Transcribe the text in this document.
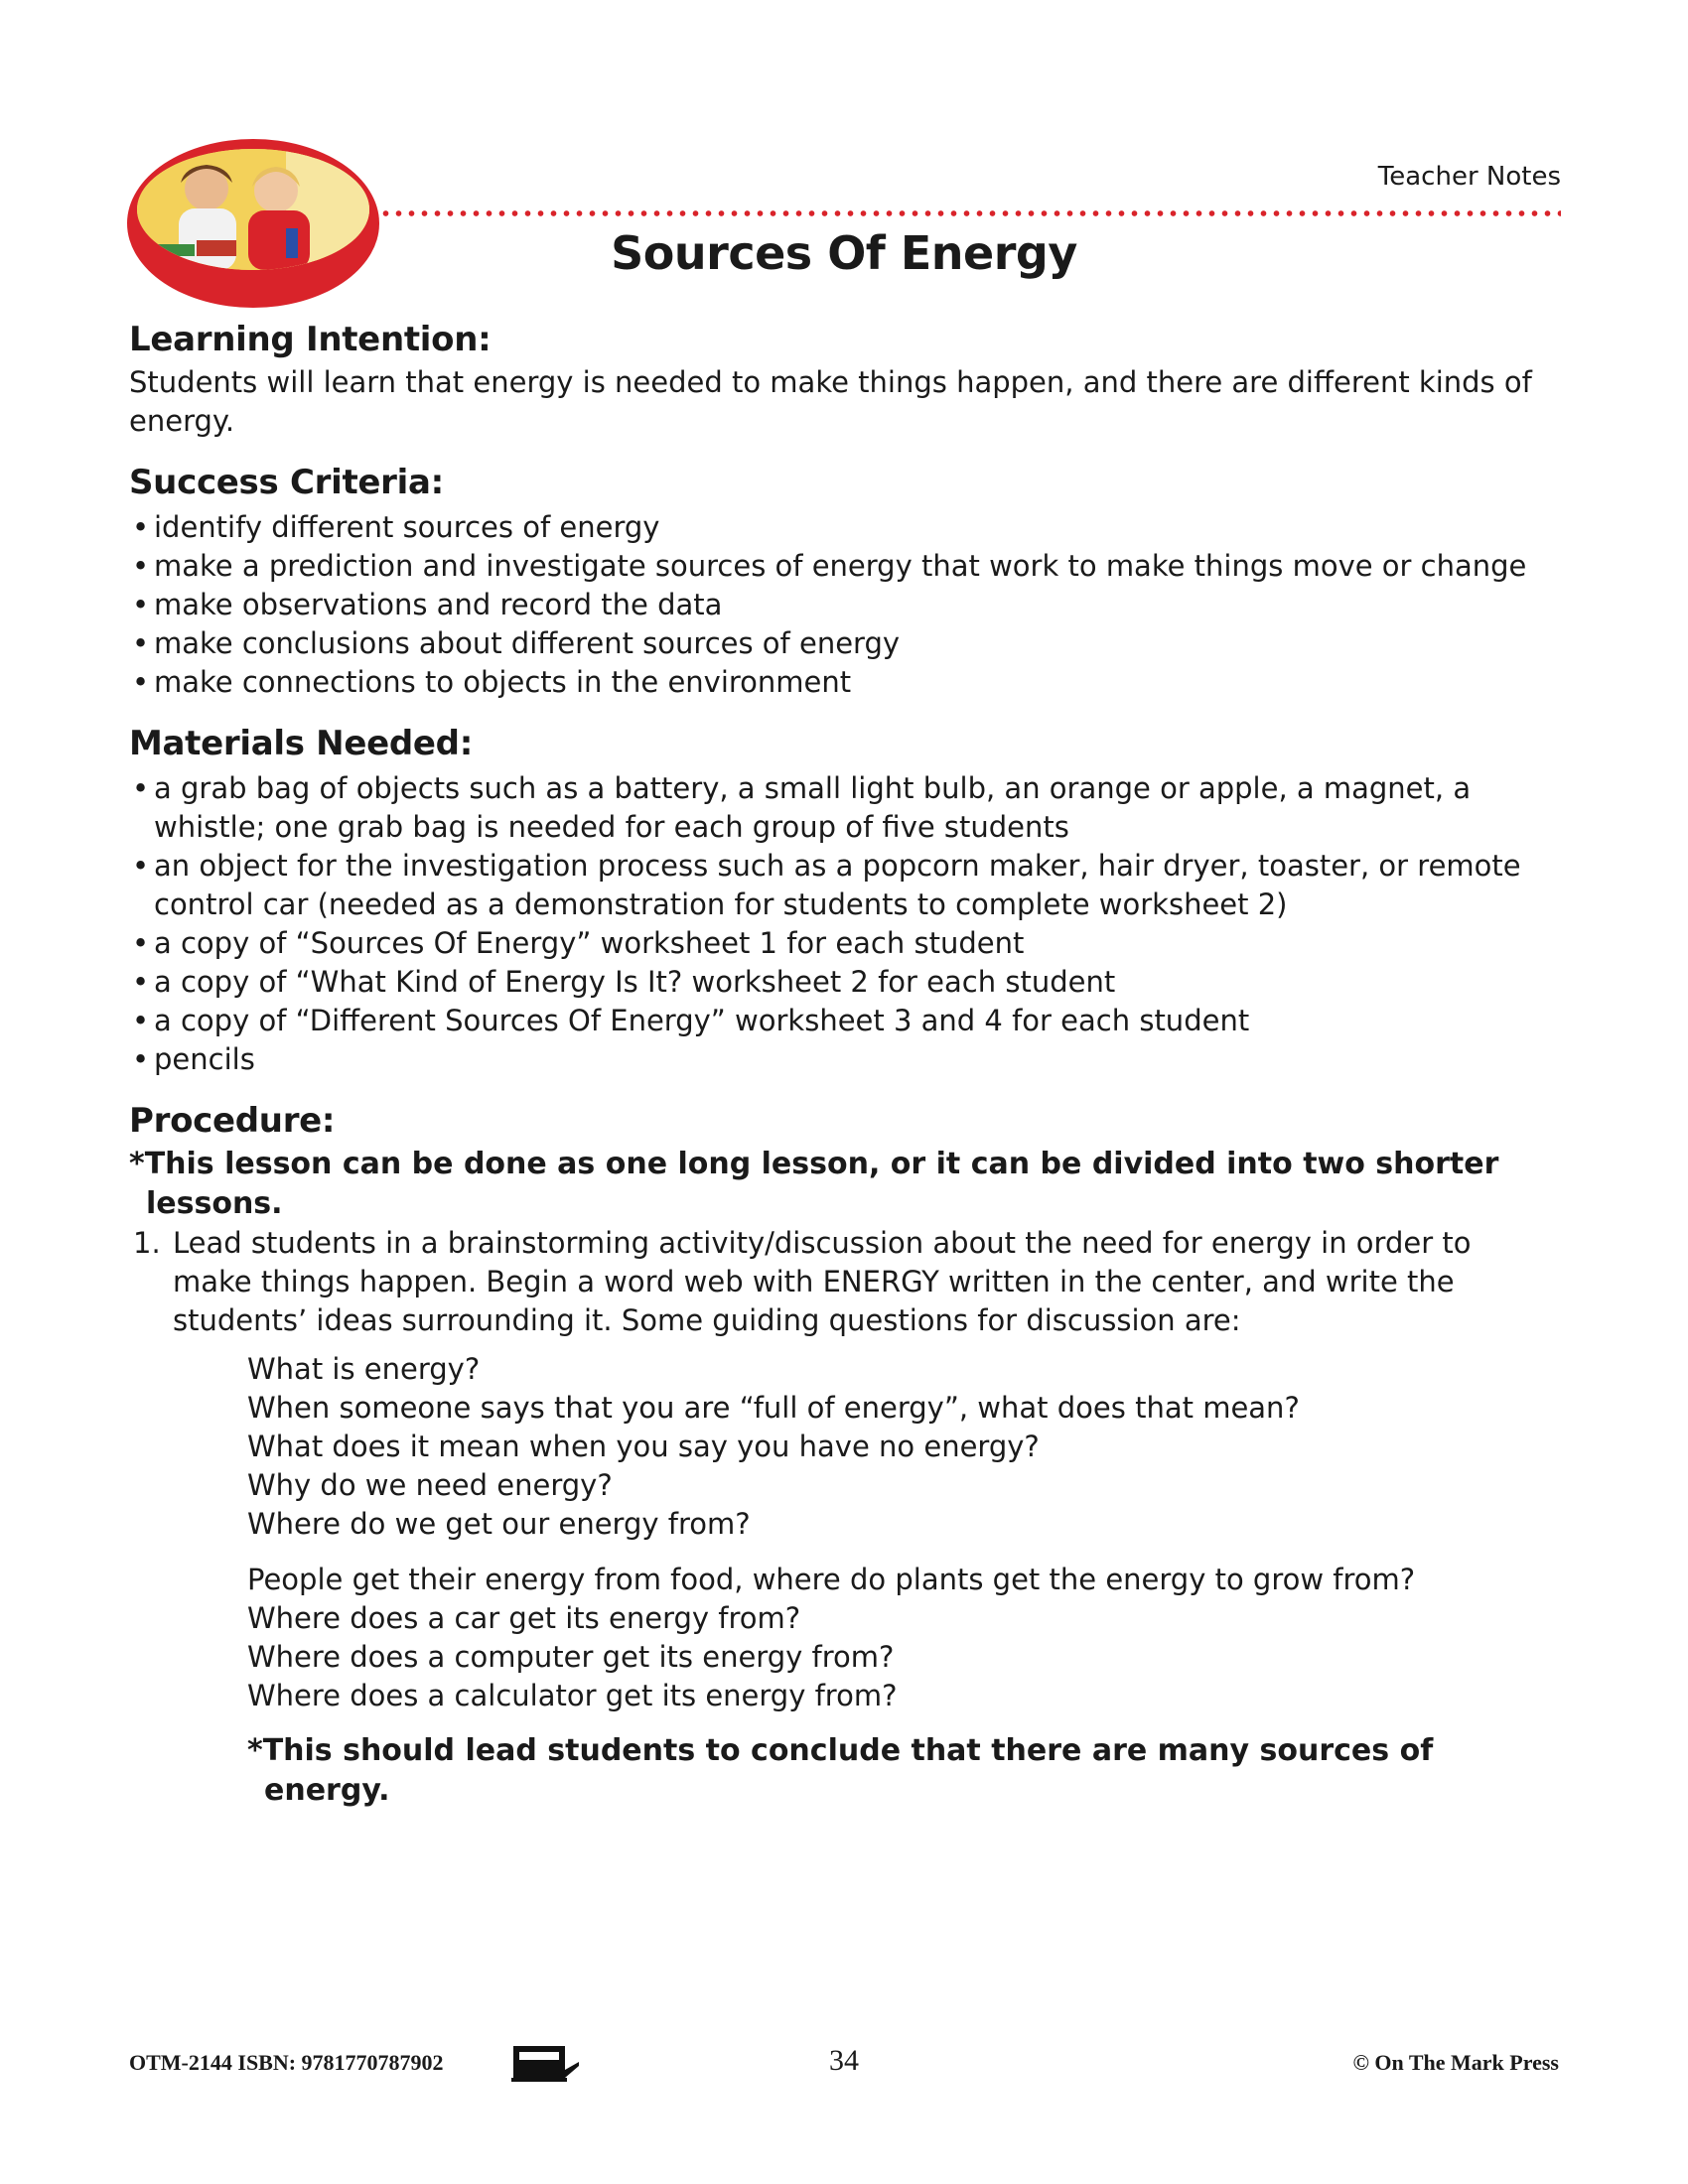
Teacher Notes
Sources Of Energy
Learning Intention:

Students will learn that energy is needed to make things happen, and there are different kinds of energy.

Success Criteria:
• identify different sources of energy
• make a prediction and investigate sources of energy that work to make things move or change
• make observations and record the data
• make conclusions about different sources of energy
• make connections to objects in the environment
Materials Needed:
• a grab bag of objects such as a battery, a small light bulb, an orange or apple, a magnet, a whistle; one grab bag is needed for each group of five students
• an object for the investigation process such as a popcorn maker, hair dryer, toaster, or remote control car (needed as a demonstration for students to complete worksheet 2)
• a copy of “Sources Of Energy” worksheet 1 for each student
• a copy of “What Kind of Energy Is It? worksheet 2 for each student
• a copy of “Different Sources Of Energy” worksheet 3 and 4 for each student
• pencils
Procedure:

*This lesson can be done as one long lesson, or it can be divided into two shorter lessons.

1. Lead students in a brainstorming activity/discussion about the need for energy in order to make things happen. Begin a word web with ENERGY written in the center, and write the students’ ideas surrounding it. Some guiding questions for discussion are:

What is energy?

When someone says that you are “full of energy”, what does that mean?

What does it mean when you say you have no energy?

Why do we need energy?

Where do we get our energy from?

People get their energy from food, where do plants get the energy to grow from?

Where does a car get its energy from?

Where does a computer get its energy from?

Where does a calculator get its energy from?

*This should lead students to conclude that there are many sources of energy.

OTM-2144 ISBN: 9781770787902	34	© On The Mark Press
